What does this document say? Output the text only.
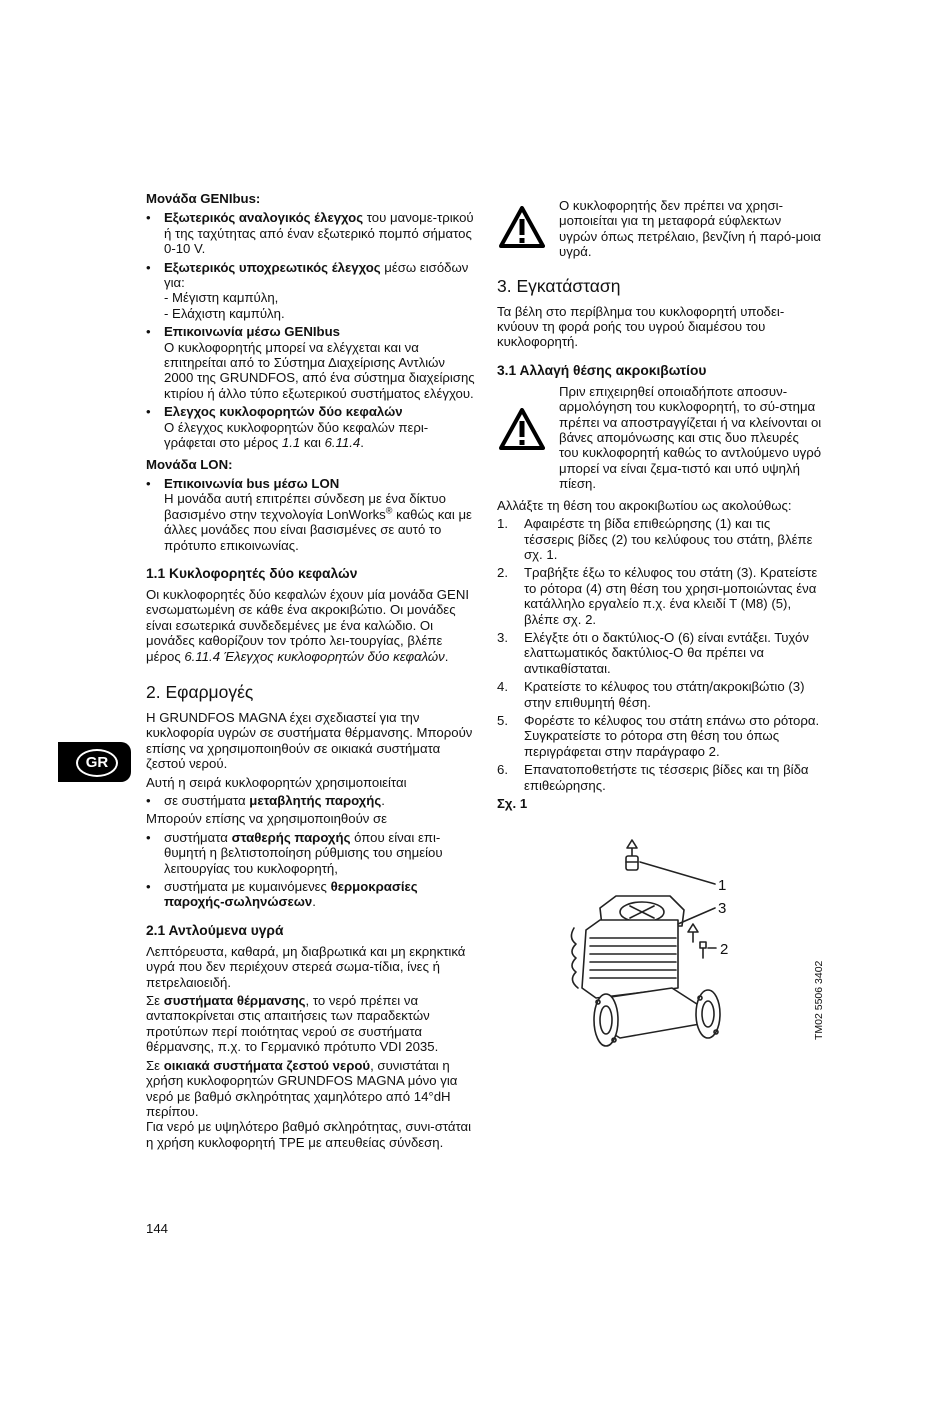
GR

Μονάδα GENIbus:

• Εξωτερικός αναλογικός έλεγχος του μανομε-τρικού ή της ταχύτητας από έναν εξωτερικό πομπό σήματος 0-10 V.
• Εξωτερικός υποχρεωτικός έλεγχος μέσω εισόδων για:
- Μέγιστη καμπύλη,
- Ελάχιστη καμπύλη.
• Επικοινωνία μέσω GENIbus
Ο κυκλοφορητής μπορεί να ελέγχεται και να επιτηρείται από το Σύστημα Διαχείρισης Αντλιών 2000 της GRUNDFOS, από ένα σύστημα διαχείρισης κτιρίου ή άλλο τύπο εξωτερικού συστήματος ελέγχου.
• Ελεγχος κυκλοφορητών δύο κεφαλών
Ο έλεγχος κυκλοφορητών δύο κεφαλών περι-γράφεται στο μέρος 1.1 και 6.11.4.

Μονάδα LON:

• Επικοινωνία bus μέσω LON
Η μονάδα αυτή επιτρέπει σύνδεση με ένα δίκτυο βασισμένο στην τεχνολογία LonWorks® καθώς και με άλλες μονάδες που είναι βασισμένες σε αυτό το πρότυπο επικοινωνίας.
1.1 Κυκλοφορητές δύο κεφαλών

Οι κυκλοφορητές δύο κεφαλών έχουν μία μονάδα GENI ενσωματωμένη σε κάθε ένα ακροκιβώτιο. Οι μονάδες είναι εσωτερικά συνδεδεμένες με ένα καλώδιο. Οι μονάδες καθορίζουν τον τρόπο λει-τουργίας, βλέπε μέρος 6.11.4 Έλεγχος κυκλοφορητών δύο κεφαλών.

2. Εφαρμογές

Η GRUNDFOS MAGNA έχει σχεδιαστεί για την κυκλοφορία υγρών σε συστήματα θέρμανσης. Μπορούν επίσης να χρησιμοποιηθούν σε οικιακά συστήματα ζεστού νερού.

Αυτή η σειρά κυκλοφορητών χρησιμοποιείται

• σε συστήματα μεταβλητής παροχής.

Μπορούν επίσης να χρησιμοποιηθούν σε

• συστήματα σταθερής παροχής όπου είναι επι-θυμητή η βελτιστοποίηση ρύθμισης του σημείου λειτουργίας του κυκλοφορητή,
• συστήματα με κυμαινόμενες θερμοκρασίες παροχής-σωληνώσεων.
2.1 Αντλούμενα υγρά

Λεπτόρευστα, καθαρά, μη διαβρωτικά και μη εκρηκτικά υγρά που δεν περιέχουν στερεά σωμα-τίδια, ίνες ή πετρελαιοειδή.

Σε συστήματα θέρμανσης, το νερό πρέπει να ανταποκρίνεται στις απαιτήσεις των παραδεκτών προτύπων περί ποιότητας νερού σε συστήματα θέρμανσης, π.χ. το Γερμανικό πρότυπο VDI 2035.

Σε οικιακά συστήματα ζεστού νερού, συνιστάται η χρήση κυκλοφορητών GRUNDFOS MAGNA μόνο για νερό με βαθμό σκληρότητας χαμηλότερο από 14°dH περίπου.

Για νερό με υψηλότερο βαθμό σκληρότητας, συνι-στάται η χρήση κυκλοφορητή TPE με απευθείας σύνδεση.

Ο κυκλοφορητής δεν πρέπει να χρησι-μοποιείται για τη μεταφορά εύφλεκτων υγρών όπως πετρέλαιο, βενζίνη ή παρό-μοια υγρά.
3. Εγκατάσταση

Τα βέλη στο περίβλημα του κυκλοφορητή υποδει-κνύουν τη φορά ροής του υγρού διαμέσου του κυκλοφορητή.

3.1 Αλλαγή θέσης ακροκιβωτίου
Πριν επιχειρηθεί οποιαδήποτε αποσυν-αρμολόγηση του κυκλοφορητή, το σύ-στημα πρέπει να αποστραγγίζεται ή να κλείνονται οι βάνες απομόνωσης και στις δυο πλευρές του κυκλοφορητή καθώς το αντλούμενο υγρό μπορεί να είναι ζεμα-τιστό και υπό υψηλή πίεση.

Αλλάξτε τη θέση του ακροκιβωτίου ως ακολούθως:

1. Αφαιρέστε τη βίδα επιθεώρησης (1) και τις τέσσερις βίδες (2) του κελύφους του στάτη, βλέπε σχ. 1.
2. Τραβήξτε έξω το κέλυφος του στάτη (3). Κρατείστε το ρότορα (4) στη θέση του χρησι-μοποιώντας ένα κατάλληλο εργαλείο π.χ. ένα κλειδί Τ (M8) (5), βλέπε σχ. 2.
3. Ελέγξτε ότι ο δακτύλιος-O (6) είναι εντάξει. Τυχόν ελαττωματικός δακτύλιος-O θα πρέπει να αντικαθίσταται.
4. Κρατείστε το κέλυφος του στάτη/ακροκιβώτιο (3) στην επιθυμητή θέση.
5. Φορέστε το κέλυφος του στάτη επάνω στο ρότορα. Συγκρατείστε το ρότορα στη θέση του όπως περιγράφεται στην παράγραφο 2.
6. Επανατοποθετήστε τις τέσσερις βίδες και τη βίδα επιθεώρησης.

Σχ. 1

1
3
2
TM02 5506 3402
144
